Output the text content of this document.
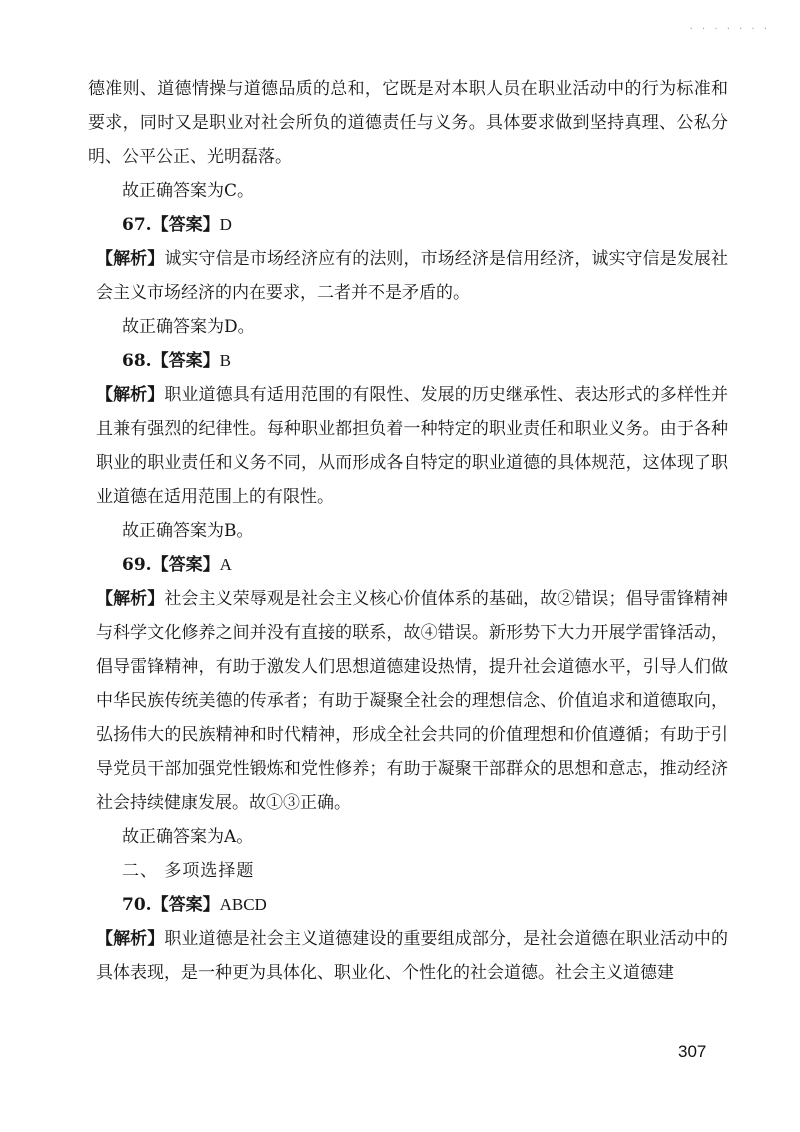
· · · · · · ·

德准则、道德情操与道德品质的总和，它既是对本职人员在职业活动中的行为标准和要求，同时又是职业对社会所负的道德责任与义务。具体要求做到坚持真理、公私分明、公平公正、光明磊落。

故正确答案为C。

67.【答案】D

【解析】诚实守信是市场经济应有的法则，市场经济是信用经济，诚实守信是发展社会主义市场经济的内在要求，二者并不是矛盾的。

故正确答案为D。

68.【答案】B

【解析】职业道德具有适用范围的有限性、发展的历史继承性、表达形式的多样性并且兼有强烈的纪律性。每种职业都担负着一种特定的职业责任和职业义务。由于各种职业的职业责任和义务不同，从而形成各自特定的职业道德的具体规范，这体现了职业道德在适用范围上的有限性。

故正确答案为B。

69.【答案】A

【解析】社会主义荣辱观是社会主义核心价值体系的基础，故②错误；倡导雷锋精神与科学文化修养之间并没有直接的联系，故④错误。新形势下大力开展学雷锋活动，倡导雷锋精神，有助于激发人们思想道德建设热情，提升社会道德水平，引导人们做中华民族传统美德的传承者；有助于凝聚全社会的理想信念、价值追求和道德取向，弘扬伟大的民族精神和时代精神，形成全社会共同的价值理想和价值遵循；有助于引导党员干部加强党性锻炼和党性修养；有助于凝聚干部群众的思想和意志，推动经济社会持续健康发展。故①③正确。

故正确答案为A。

二、 多项选择题

70.【答案】ABCD

【解析】职业道德是社会主义道德建设的重要组成部分，是社会道德在职业活动中的具体表现，是一种更为具体化、职业化、个性化的社会道德。社会主义道德建

307
